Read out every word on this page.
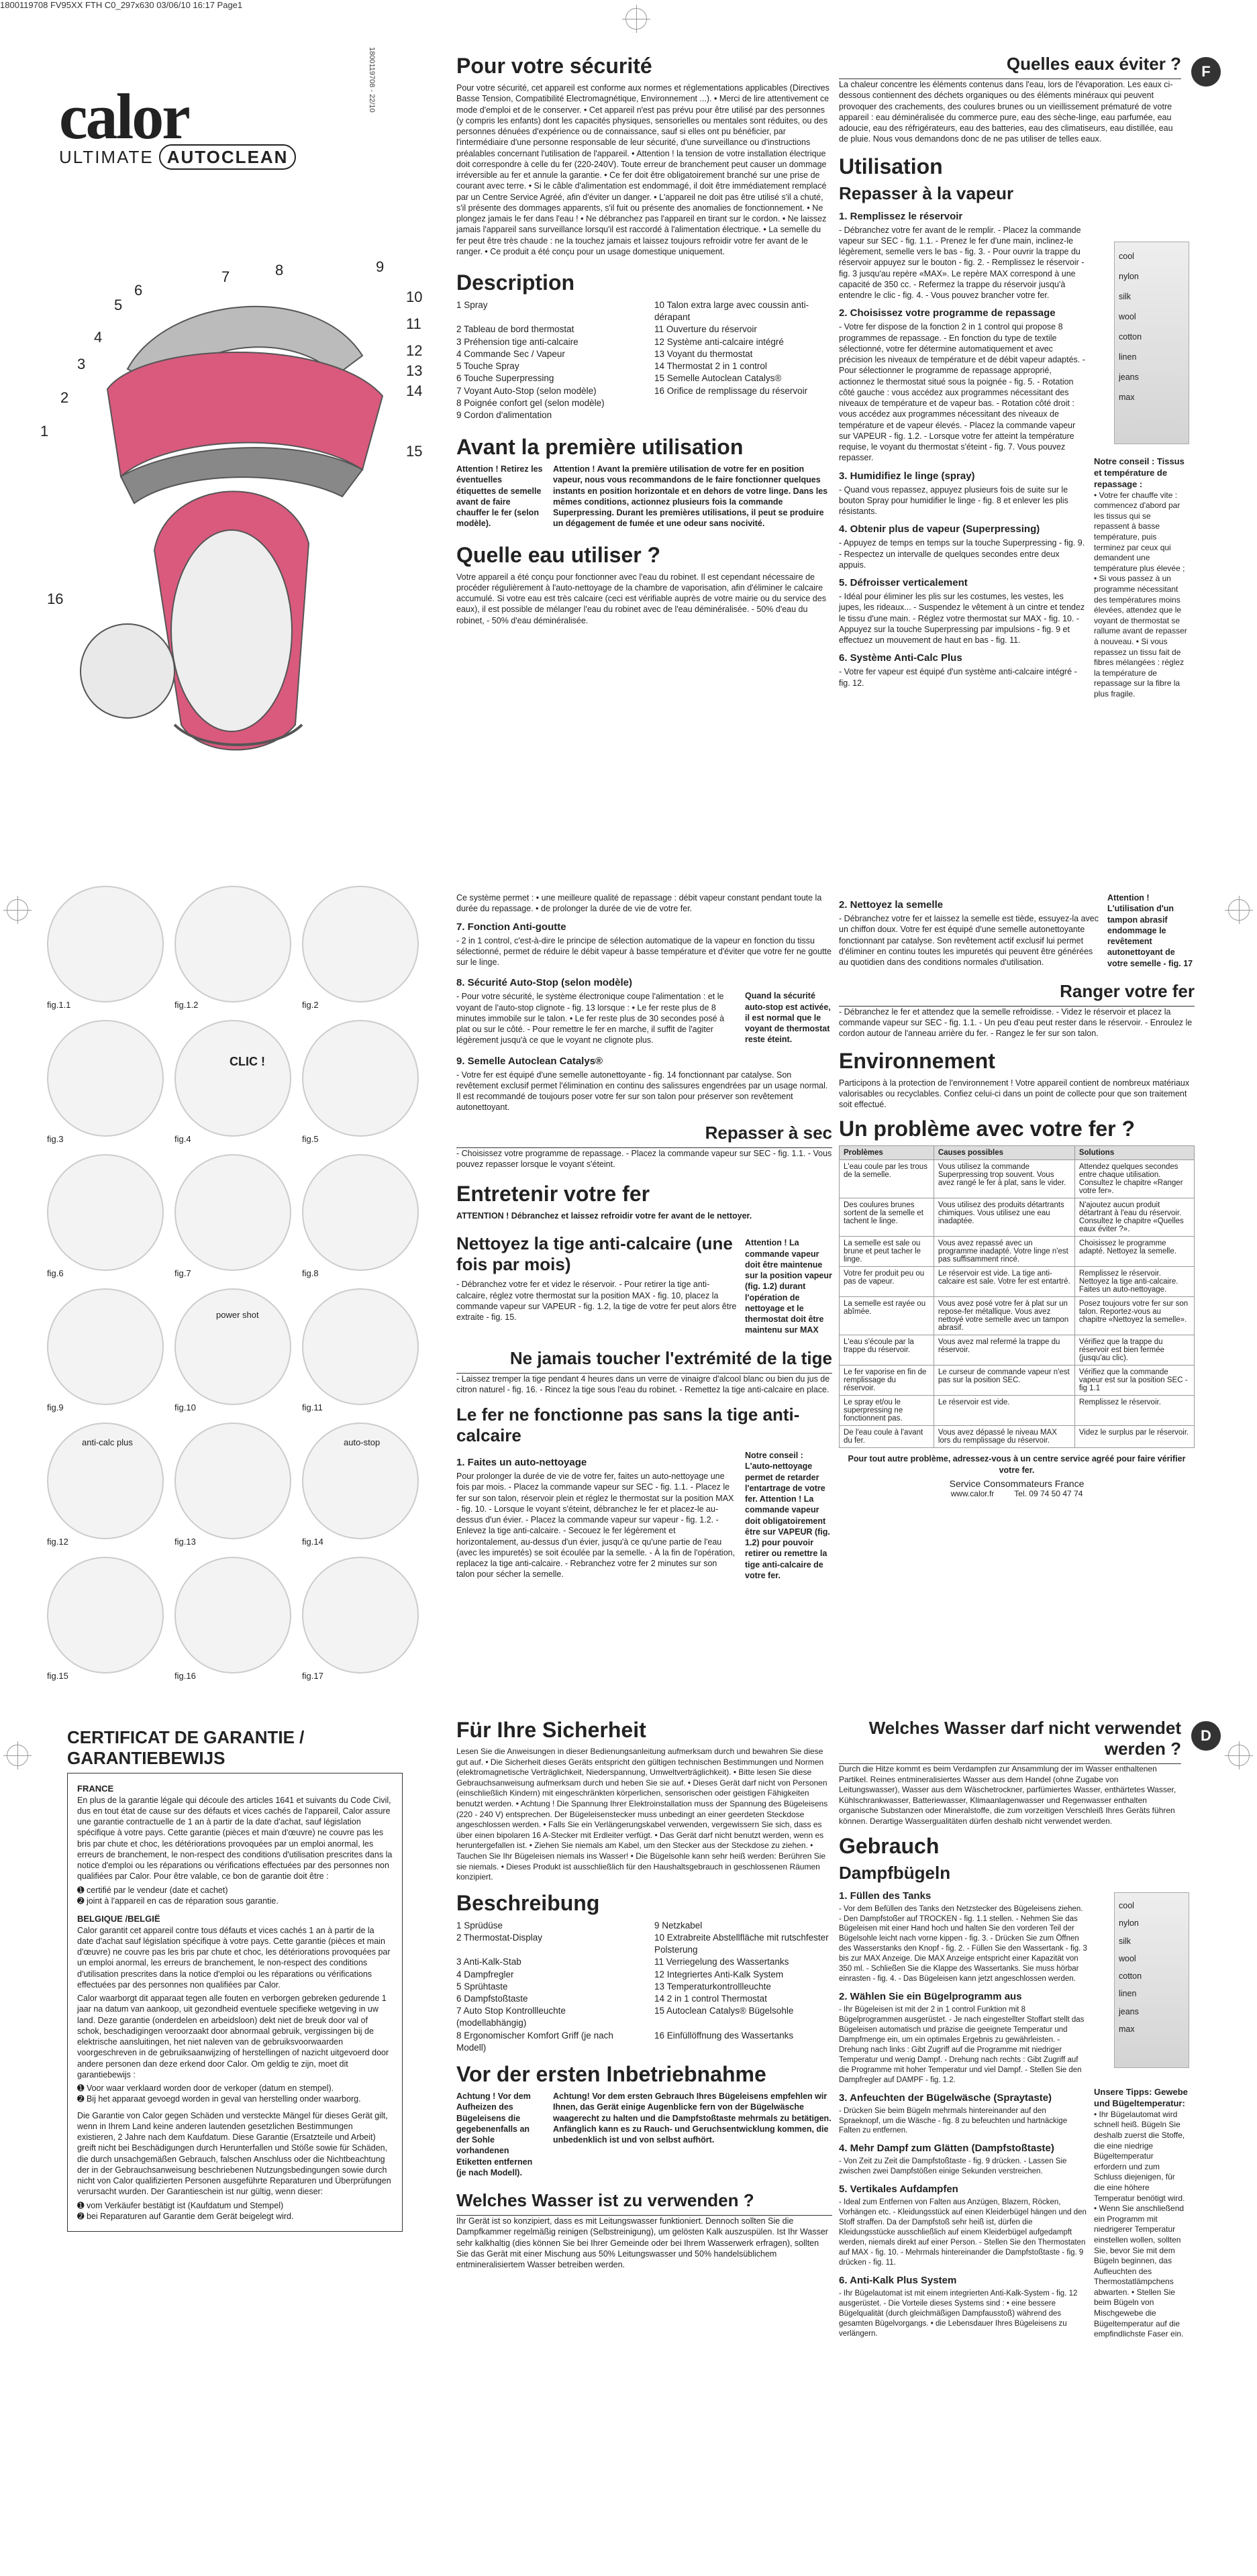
1800119708 FV95XX FTH C0_297x630 03/06/10 16:17 Page1
calor
ULTIMATE AUTOCLEAN
1800119708 - 22/10
1
2
3
4
5
6
7	8	9
10
11
12
13
14
15
16
Pour votre sécurité

Pour votre sécurité, cet appareil est conforme aux normes et réglementations applicables (Directives Basse Tension, Compatibilité Electromagnétique, Environnement ...). • Merci de lire attentivement ce mode d'emploi et de le conserver. • Cet appareil n'est pas prévu pour être utilisé par des personnes (y compris les enfants) dont les capacités physiques, sensorielles ou mentales sont réduites, ou des personnes dénuées d'expérience ou de connaissance, sauf si elles ont pu bénéficier, par l'intermédiaire d'une personne responsable de leur sécurité, d'une surveillance ou d'instructions préalables concernant l'utilisation de l'appareil. • Attention ! la tension de votre installation électrique doit correspondre à celle du fer (220-240V). Toute erreur de branchement peut causer un dommage irréversible au fer et annule la garantie. • Ce fer doit être obligatoirement branché sur une prise de courant avec terre. • Si le câble d'alimentation est endommagé, il doit être immédiatement remplacé par un Centre Service Agréé, afin d'éviter un danger. • L'appareil ne doit pas être utilisé s'il a chuté, s'il présente des dommages apparents, s'il fuit ou présente des anomalies de fonctionnement. • Ne plongez jamais le fer dans l'eau ! • Ne débranchez pas l'appareil en tirant sur le cordon. • Ne laissez jamais l'appareil sans surveillance lorsqu'il est raccordé à l'alimentation électrique. • La semelle du fer peut être très chaude : ne la touchez jamais et laissez toujours refroidir votre fer avant de le ranger. • Ce produit a été conçu pour un usage domestique uniquement.

Description
1 Spray	10 Talon extra large avec coussin anti-dérapant
2 Tableau de bord thermostat	11 Ouverture du réservoir
3 Préhension tige anti-calcaire	12 Système anti-calcaire intégré
4 Commande Sec / Vapeur	13 Voyant du thermostat
5 Touche Spray	14 Thermostat 2 in 1 control
6 Touche Superpressing	15 Semelle Autoclean Catalys®
7 Voyant Auto-Stop (selon modèle)	16 Orifice de remplissage du réservoir
8 Poignée confort gel (selon modèle)
9 Cordon d'alimentation
Avant la première utilisation

Attention ! Retirez les éventuelles étiquettes de semelle avant de faire chauffer le fer (selon modèle).

Attention ! Avant la première utilisation de votre fer en position vapeur, nous vous recommandons de le faire fonctionner quelques instants en position horizontale et en dehors de votre linge. Dans les mêmes conditions, actionnez plusieurs fois la commande Superpressing. Durant les premières utilisations, il peut se produire un dégagement de fumée et une odeur sans nocivité.

Quelle eau utiliser ?

Votre appareil a été conçu pour fonctionner avec l'eau du robinet. Il est cependant nécessaire de procéder régulièrement à l'auto-nettoyage de la chambre de vaporisation, afin d'éliminer le calcaire accumulé. Si votre eau est très calcaire (ceci est vérifiable auprès de votre mairie ou du service des eaux), il est possible de mélanger l'eau du robinet avec de l'eau déminéralisée. - 50% d'eau du robinet, - 50% d'eau déminéralisée.

F
Quelles eaux éviter ?

La chaleur concentre les éléments contenus dans l'eau, lors de l'évaporation. Les eaux ci-dessous contiennent des déchets organiques ou des éléments minéraux qui peuvent provoquer des crachements, des coulures brunes ou un vieillissement prématuré de votre appareil : eau déminéralisée du commerce pure, eau des sèche-linge, eau parfumée, eau adoucie, eau des réfrigérateurs, eau des batteries, eau des climatiseurs, eau distillée, eau de pluie. Nous vous demandons donc de ne pas utiliser de telles eaux.

Utilisation
Repasser à la vapeur
1. Remplissez le réservoir

- Débranchez votre fer avant de le remplir. - Placez la commande vapeur sur SEC - fig. 1.1. - Prenez le fer d'une main, inclinez-le légèrement, semelle vers le bas - fig. 3. - Pour ouvrir la trappe du réservoir appuyez sur le bouton - fig. 2. - Remplissez le réservoir - fig. 3 jusqu'au repère «MAX». Le repère MAX correspond à une capacité de 350 cc. - Refermez la trappe du réservoir jusqu'à entendre le clic - fig. 4. - Vous pouvez brancher votre fer.

2. Choisissez votre programme de repassage

- Votre fer dispose de la fonction 2 in 1 control qui propose 8 programmes de repassage. - En fonction du type de textile sélectionné, votre fer détermine automatiquement et avec précision les niveaux de température et de débit vapeur adaptés. - Pour sélectionner le programme de repassage approprié, actionnez le thermostat situé sous la poignée - fig. 5. - Rotation côté gauche : vous accédez aux programmes nécessitant des niveaux de température et de vapeur bas. - Rotation côté droit : vous accédez aux programmes nécessitant des niveaux de température et de vapeur élevés. - Placez la commande vapeur sur VAPEUR - fig. 1.2. - Lorsque votre fer atteint la température requise, le voyant du thermostat s'éteint - fig. 7. Vous pouvez repasser.

3. Humidifiez le linge (spray)

- Quand vous repassez, appuyez plusieurs fois de suite sur le bouton Spray pour humidifier le linge - fig. 8 et enlever les plis résistants.

4. Obtenir plus de vapeur (Superpressing)

- Appuyez de temps en temps sur la touche Superpressing - fig. 9. - Respectez un intervalle de quelques secondes entre deux appuis.

5. Défroisser verticalement

- Idéal pour éliminer les plis sur les costumes, les vestes, les jupes, les rideaux... - Suspendez le vêtement à un cintre et tendez le tissu d'une main. - Réglez votre thermostat sur MAX - fig. 10. - Appuyez sur la touche Superpressing par impulsions - fig. 9 et effectuez un mouvement de haut en bas - fig. 11.

6. Système Anti-Calc Plus

- Votre fer vapeur est équipé d'un système anti-calcaire intégré - fig. 12.

cool
nylon
silk
wool
cotton
linen
jeans
max
Notre conseil : Tissus et température de repassage :
• Votre fer chauffe vite : commencez d'abord par les tissus qui se repassent à basse température, puis terminez par ceux qui demandent une température plus élevée ; • Si vous passez à un programme nécessitant des températures moins élevées, attendez que le voyant de thermostat se rallume avant de repasser à nouveau. • Si vous repassez un tissu fait de fibres mélangées : réglez la température de repassage sur la fibre la plus fragile.
fig.1.1	fig.1.2	fig.2
fig.3
CLIC !
fig.4	fig.5
fig.6	fig.7	fig.8
fig.9
power shot
fig.10	fig.11
anti-calc plus
fig.12	fig.13
auto-stop
fig.14
fig.15	fig.16	fig.17

Ce système permet : • une meilleure qualité de repassage : débit vapeur constant pendant toute la durée du repassage. • de prolonger la durée de vie de votre fer.

7. Fonction Anti-goutte

- 2 in 1 control, c'est-à-dire le principe de sélection automatique de la vapeur en fonction du tissu sélectionné, permet de réduire le débit vapeur à basse température et d'éviter que votre fer ne goutte sur le linge.

8. Sécurité Auto-Stop (selon modèle)

- Pour votre sécurité, le système électronique coupe l'alimentation : et le voyant de l'auto-stop clignote - fig. 13 lorsque : • Le fer reste plus de 8 minutes immobile sur le talon. • Le fer reste plus de 30 secondes posé à plat ou sur le côté. - Pour remettre le fer en marche, il suffit de l'agiter légèrement jusqu'à ce que le voyant ne clignote plus.

Quand la sécurité auto-stop est activée, il est normal que le voyant de thermostat reste éteint.

9. Semelle Autoclean Catalys®

- Votre fer est équipé d'une semelle autonettoyante - fig. 14 fonctionnant par catalyse. Son revêtement exclusif permet l'élimination en continu des salissures engendrées par un usage normal. Il est recommandé de toujours poser votre fer sur son talon pour préserver son revêtement autonettoyant.

Repasser à sec

- Choisissez votre programme de repassage. - Placez la commande vapeur sur SEC - fig. 1.1. - Vous pouvez repasser lorsque le voyant s'éteint.

Entretenir votre fer

ATTENTION ! Débranchez et laissez refroidir votre fer avant de le nettoyer.

Nettoyez la tige anti-calcaire (une fois par mois)

- Débranchez votre fer et videz le réservoir. - Pour retirer la tige anti-calcaire, réglez votre thermostat sur la position MAX - fig. 10, placez la commande vapeur sur VAPEUR - fig. 1.2, la tige de votre fer peut alors être extraite - fig. 15.

Attention ! La commande vapeur doit être maintenue sur la position vapeur (fig. 1.2) durant l'opération de nettoyage et le thermostat doit être maintenu sur MAX

Ne jamais toucher l'extrémité de la tige

- Laissez tremper la tige pendant 4 heures dans un verre de vinaigre d'alcool blanc ou bien du jus de citron naturel - fig. 16. - Rincez la tige sous l'eau du robinet. - Remettez la tige anti-calcaire en place.

Le fer ne fonctionne pas sans la tige anti-calcaire
1. Faites un auto-nettoyage

Pour prolonger la durée de vie de votre fer, faites un auto-nettoyage une fois par mois. - Placez la commande vapeur sur SEC - fig. 1.1. - Placez le fer sur son talon, réservoir plein et réglez le thermostat sur la position MAX - fig. 10. - Lorsque le voyant s'éteint, débranchez le fer et placez-le au-dessus d'un évier. - Placez la commande vapeur sur vapeur - fig. 1.2. - Enlevez la tige anti-calcaire. - Secouez le fer légèrement et horizontalement, au-dessus d'un évier, jusqu'à ce qu'une partie de l'eau (avec les impuretés) se soit écoulée par la semelle. - À la fin de l'opération, replacez la tige anti-calcaire. - Rebranchez votre fer 2 minutes sur son talon pour sécher la semelle.

Notre conseil : L'auto-nettoyage permet de retarder l'entartrage de votre fer. Attention ! La commande vapeur doit obligatoirement être sur VAPEUR (fig. 1.2) pour pouvoir retirer ou remettre la tige anti-calcaire de votre fer.

2. Nettoyez la semelle

- Débranchez votre fer et laissez la semelle est tiède, essuyez-la avec un chiffon doux. Votre fer est équipé d'une semelle autonettoyante fonctionnant par catalyse. Son revêtement actif exclusif lui permet d'éliminer en continu toutes les impuretés qui peuvent être générées au quotidien dans des conditions normales d'utilisation.

Attention ! L'utilisation d'un tampon abrasif endommage le revêtement autonettoyant de votre semelle - fig. 17

Ranger votre fer

- Débranchez le fer et attendez que la semelle refroidisse. - Videz le réservoir et placez la commande vapeur sur SEC - fig. 1.1. - Un peu d'eau peut rester dans le réservoir. - Enroulez le cordon autour de l'anneau arrière du fer. - Rangez le fer sur son talon.

Environnement

Participons à la protection de l'environnement ! Votre appareil contient de nombreux matériaux valorisables ou recyclables. Confiez celui-ci dans un point de collecte pour que son traitement soit effectué.

Un problème avec votre fer ?
Problèmes	Causes possibles	Solutions
L'eau coule par les trous de la semelle.	Vous utilisez la commande Superpressing trop souvent. Vous avez rangé le fer à plat, sans le vider.	Attendez quelques secondes entre chaque utilisation. Consultez le chapitre «Ranger votre fer».
Des coulures brunes sortent de la semelle et tachent le linge.	Vous utilisez des produits détartrants chimiques. Vous utilisez une eau inadaptée.	N'ajoutez aucun produit détartrant à l'eau du réservoir. Consultez le chapitre «Quelles eaux éviter ?».
La semelle est sale ou brune et peut tacher le linge.	Vous avez repassé avec un programme inadapté. Votre linge n'est pas suffisamment rincé.	Choisissez le programme adapté. Nettoyez la semelle.
Votre fer produit peu ou pas de vapeur.	Le réservoir est vide. La tige anti-calcaire est sale. Votre fer est entartré.	Remplissez le réservoir. Nettoyez la tige anti-calcaire. Faites un auto-nettoyage.
La semelle est rayée ou abîmée.	Vous avez posé votre fer à plat sur un repose-fer métallique. Vous avez nettoyé votre semelle avec un tampon abrasif.	Posez toujours votre fer sur son talon. Reportez-vous au chapitre «Nettoyez la semelle».
L'eau s'écoule par la trappe du réservoir.	Vous avez mal refermé la trappe du réservoir.	Vérifiez que la trappe du réservoir est bien fermée (jusqu'au clic).
Le fer vaporise en fin de remplissage du réservoir.	Le curseur de commande vapeur n'est pas sur la position SEC.	Vérifiez que la commande vapeur est sur la position SEC - fig 1.1
Le spray et/ou le superpressing ne fonctionnent pas.	Le réservoir est vide.	Remplissez le réservoir.
De l'eau coule à l'avant du fer.	Vous avez dépassé le niveau MAX lors du remplissage du réservoir.	Videz le surplus par le réservoir.

Pour tout autre problème, adressez-vous à un centre service agréé pour faire vérifier votre fer.

Service Consommateurs France
www.calor.fr	Tel. 09 74 50 47 74
CERTIFICAT DE GARANTIE / GARANTIEBEWIJS
FRANCE

En plus de la garantie légale qui découle des articles 1641 et suivants du Code Civil, dus en tout état de cause sur des défauts et vices cachés de l'appareil, Calor assure une garantie contractuelle de 1 an à partir de la date d'achat, sauf législation spécifique à votre pays. Cette garantie (pièces et main d'œuvre) ne couvre pas les bris par chute et choc, les détériorations provoquées par un emploi anormal, les erreurs de branchement, le non-respect des conditions d'utilisation prescrites dans la notice d'emploi ou les réparations ou vérifications effectuées par des personnes non qualifiées par Calor. Pour être valable, ce bon de garantie doit être :

➊ certifié par le vendeur (date et cachet)
➋ joint à l'appareil en cas de réparation sous garantie.
BELGIQUE /BELGIË

Calor garantit cet appareil contre tous défauts et vices cachés 1 an à partir de la date d'achat sauf législation spécifique à votre pays. Cette garantie (pièces et main d'œuvre) ne couvre pas les bris par chute et choc, les détériorations provoquées par un emploi anormal, les erreurs de branchement, le non-respect des conditions d'utilisation prescrites dans la notice d'emploi ou les réparations ou vérifications effectuées par des personnes non qualifiées par Calor.

Calor waarborgt dit apparaat tegen alle fouten en verborgen gebreken gedurende 1 jaar na datum van aankoop, uit gezondheid eventuele specifieke wetgeving in uw land. Deze garantie (onderdelen en arbeidsloon) dekt niet de breuk door val of schok, beschadigingen veroorzaakt door abnormaal gebruik, vergissingen bij de elektrische aansluitingen, het niet naleven van de gebruiksvoorwaarden voorgeschreven in de gebruiksaanwijzing of herstellingen of nazicht uitgevoerd door andere personen dan deze erkend door Calor. Om geldig te zijn, moet dit garantiebewijs :

➊ Voor waar verklaard worden door de verkoper (datum en stempel).
➋ Bij het apparaat gevoegd worden in geval van herstelling onder waarborg.

Die Garantie von Calor gegen Schäden und versteckte Mängel für dieses Gerät gilt, wenn in Ihrem Land keine anderen lautenden gesetzlichen Bestimmungen existieren, 2 Jahre nach dem Kaufdatum. Diese Garantie (Ersatzteile und Arbeit) greift nicht bei Beschädigungen durch Herunterfallen und Stöße sowie für Schäden, die durch unsachgemäßen Gebrauch, falschen Anschluss oder die Nichtbeachtung der in der Gebrauchsanweisung beschriebenen Nutzungsbedingungen sowie durch nicht von Calor qualifizierten Personen ausgeführte Reparaturen und Überprüfungen verursacht wurden. Der Garantieschein ist nur gültig, wenn dieser:

➊ vom Verkäufer bestätigt ist (Kaufdatum und Stempel)
➋ bei Reparaturen auf Garantie dem Gerät beigelegt wird.
Für Ihre Sicherheit

Lesen Sie die Anweisungen in dieser Bedienungsanleitung aufmerksam durch und bewahren Sie diese gut auf. • Die Sicherheit dieses Geräts entspricht den gültigen technischen Bestimmungen und Normen (elektromagnetische Verträglichkeit, Niederspannung, Umweltverträglichkeit). • Bitte lesen Sie diese Gebrauchsanweisung aufmerksam durch und heben Sie sie auf. • Dieses Gerät darf nicht von Personen (einschließlich Kindern) mit eingeschränkten körperlichen, sensorischen oder geistigen Fähigkeiten benutzt werden. • Achtung ! Die Spannung Ihrer Elektroinstallation muss der Spannung des Bügeleisens (220 - 240 V) entsprechen. Der Bügeleisenstecker muss unbedingt an einer geerdeten Steckdose angeschlossen werden. • Falls Sie ein Verlängerungskabel verwenden, vergewissern Sie sich, dass es über einen bipolaren 16 A-Stecker mit Erdleiter verfügt. • Das Gerät darf nicht benutzt werden, wenn es heruntergefallen ist. • Ziehen Sie niemals am Kabel, um den Stecker aus der Steckdose zu ziehen. • Tauchen Sie Ihr Bügeleisen niemals ins Wasser! • Die Bügelsohle kann sehr heiß werden: Berühren Sie sie niemals. • Dieses Produkt ist ausschließlich für den Haushaltsgebrauch in geschlossenen Räumen konzipiert.

Beschreibung
1 Sprüdüse	9 Netzkabel
2 Thermostat-Display	10 Extrabreite Abstellfläche mit rutschfester Polsterung
3 Anti-Kalk-Stab	11 Verriegelung des Wassertanks
4 Dampfregler	12 Integriertes Anti-Kalk System
5 Sprühtaste	13 Temperaturkontrollleuchte
6 Dampfstoßtaste	14 2 in 1 control Thermostat
7 Auto Stop Kontrollleuchte (modellabhängig)
15 Autoclean Catalys® Bügelsohle
8 Ergonomischer Komfort Griff (je nach Modell)
16 Einfüllöffnung des Wassertanks
Vor der ersten Inbetriebnahme

Achtung ! Vor dem Aufheizen des Bügeleisens die gegebenenfalls an der Sohle vorhandenen Etiketten entfernen (je nach Modell).

Achtung! Vor dem ersten Gebrauch Ihres Bügeleisens empfehlen wir Ihnen, das Gerät einige Augenblicke fern von der Bügelwäsche waagerecht zu halten und die Dampfstoßtaste mehrmals zu betätigen. Anfänglich kann es zu Rauch- und Geruchsentwicklung kommen, die unbedenklich ist und von selbst aufhört.

Welches Wasser ist zu verwenden ?

Ihr Gerät ist so konzipiert, dass es mit Leitungswasser funktioniert. Dennoch sollten Sie die Dampfkammer regelmäßig reinigen (Selbstreinigung), um gelösten Kalk auszuspülen. Ist Ihr Wasser sehr kalkhaltig (dies können Sie bei Ihrer Gemeinde oder bei Ihrem Wasserwerk erfragen), sollten Sie das Gerät mit einer Mischung aus 50% Leitungswasser und 50% handelsüblichem entmineralisiertem Wasser betreiben werden.

D
Welches Wasser darf nicht verwendet werden ?

Durch die Hitze kommt es beim Verdampfen zur Ansammlung der im Wasser enthaltenen Partikel. Reines entmineralisiertes Wasser aus dem Handel (ohne Zugabe von Leitungswasser), Wasser aus dem Wäschetrockner, parfümiertes Wasser, enthärtetes Wasser, Kühlschrankwasser, Batteriewasser, Klimaanlagenwasser und Regenwasser enthalten organische Substanzen oder Mineralstoffe, die zum vorzeitigen Verschleiß Ihres Geräts führen können. Derartige Wassergualitäten dürfen deshalb nicht verwendet werden.

Gebrauch
Dampfbügeln
1. Füllen des Tanks

- Vor dem Befüllen des Tanks den Netzstecker des Bügeleisens ziehen. - Den Dampfstoßer auf TROCKEN - fig. 1.1 stellen. - Nehmen Sie das Bügeleisen mit einer Hand hoch und halten Sie den vorderen Teil der Bügelsohle leicht nach vorne kippen - fig. 3. - Drücken Sie zum Öffnen des Wasserstanks den Knopf - fig. 2. - Füllen Sie den Wassertank - fig. 3 bis zur MAX Anzeige. Die MAX Anzeige entspricht einer Kapazität von 350 ml. - Schließen Sie die Klappe des Wassertanks. Sie muss hörbar einrasten - fig. 4. - Das Bügeleisen kann jetzt angeschlossen werden.

2. Wählen Sie ein Bügelprogramm aus

- Ihr Bügeleisen ist mit der 2 in 1 control Funktion mit 8 Bügelprogrammen ausgerüstet. - Je nach eingestellter Stoffart stellt das Bügeleisen automatisch und präzise die geeignete Temperatur und Dampfmenge ein, um ein optimales Ergebnis zu gewährleisten. - Drehung nach links : Gibt Zugriff auf die Programme mit niedriger Temperatur und wenig Dampf. - Drehung nach rechts : Gibt Zugriff auf die Programme mit hoher Temperatur und viel Dampf. - Stellen Sie den Dampfregler auf DAMPF - fig. 1.2.

3. Anfeuchten der Bügelwäsche (Spraytaste)

- Drücken Sie beim Bügeln mehrmals hintereinander auf den Spraeknopf, um die Wäsche - fig. 8 zu befeuchten und hartnäckige Falten zu entfernen.

4. Mehr Dampf zum Glätten (Dampfstoßtaste)

- Von Zeit zu Zeit die Dampfstoßtaste - fig. 9 drücken. - Lassen Sie zwischen zwei Dampfstößen einige Sekunden verstreichen.

5. Vertikales Aufdampfen

- Ideal zum Entfernen von Falten aus Anzügen, Blazern, Röcken, Vorhängen etc. - Kleidungsstück auf einen Kleiderbügel hängen und den Stoff straffen. Da der Dampfstoß sehr heiß ist, dürfen die Kleidungsstücke ausschließlich auf einem Kleiderbügel aufgedampft werden, niemals direkt auf einer Person. - Stellen Sie den Thermostaten auf MAX - fig. 10. - Mehrmals hintereinander die Dampfstoßtaste - fig. 9 drücken - fig. 11.

6. Anti-Kalk Plus System

- Ihr Bügelautomat ist mit einem integrierten Anti-Kalk-System - fig. 12 ausgerüstet. - Die Vorteile dieses Systems sind : • eine bessere Bügelqualität (durch gleichmäßigen Dampfausstoß) während des gesamten Bügelvorgangs. • die Lebensdauer Ihres Bügeleisens zu verlängern.

cool
nylon
silk
wool
cotton
linen
jeans
max
Unsere Tipps: Gewebe und Bügeltemperatur:
• Ihr Bügelautomat wird schnell heiß. Bügeln Sie deshalb zuerst die Stoffe, die eine niedrige Bügeltemperatur erfordern und zum Schluss diejenigen, für die eine höhere Temperatur benötigt wird. • Wenn Sie anschließend ein Programm mit niedrigerer Temperatur einstellen wollen, sollten Sie, bevor Sie mit dem Bügeln beginnen, das Aufleuchten des Thermostatlämpchens abwarten. • Stellen Sie beim Bügeln von Mischgewebe die Bügeltemperatur auf die empfindlichste Faser ein.
